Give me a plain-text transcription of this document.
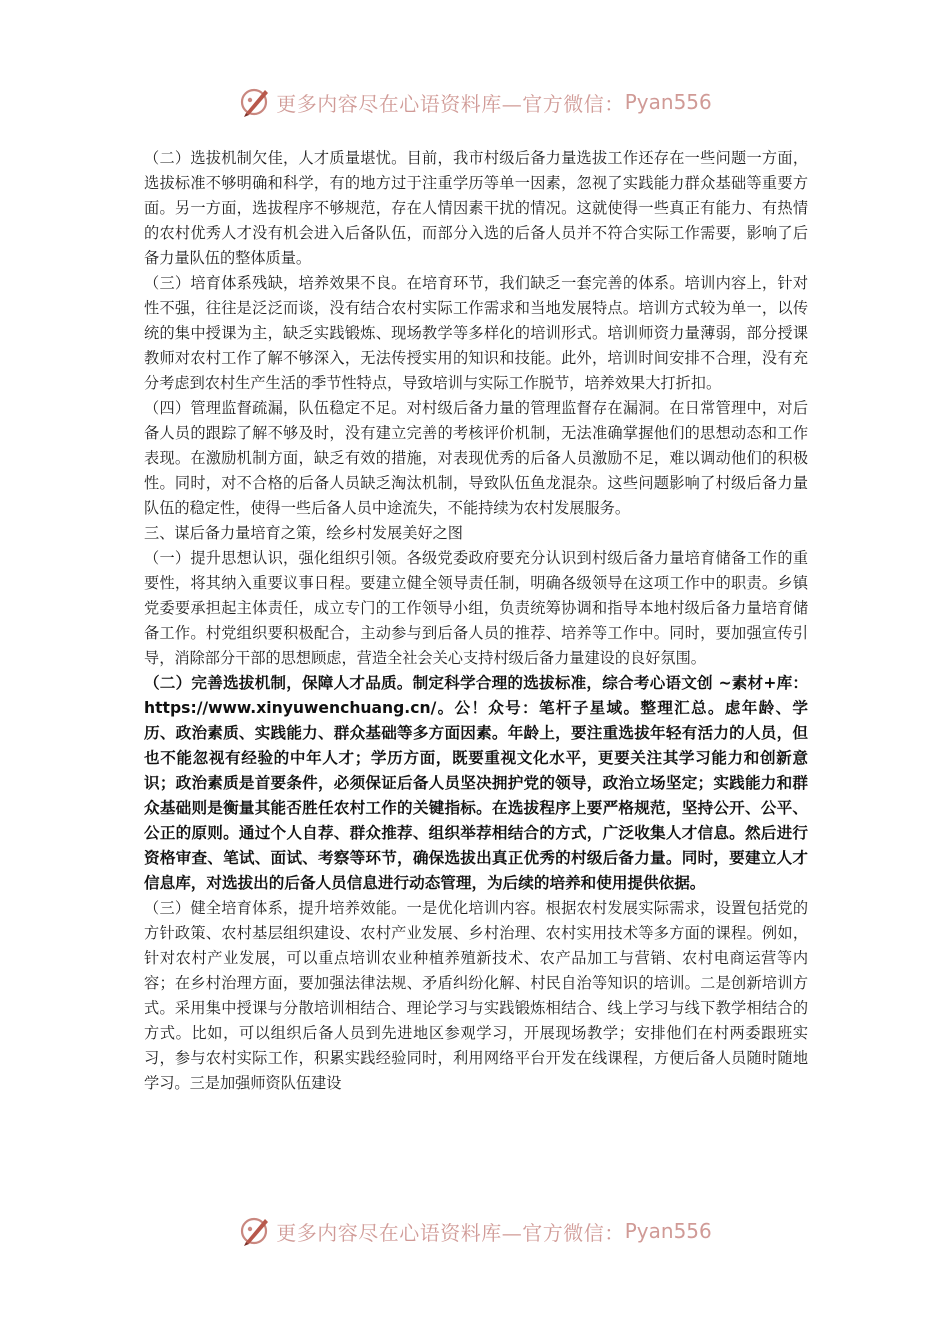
更多内容尽在心语资料库—官方微信： Pyan556

（二）选拔机制欠佳，人才质量堪忧。目前，我市村级后备力量选拔工作还存在一些问题一方面，选拔标准不够明确和科学，有的地方过于注重学历等单一因素，忽视了实践能力群众基础等重要方面。另一方面，选拔程序不够规范，存在人情因素干扰的情况。这就使得一些真正有能力、有热情的农村优秀人才没有机会进入后备队伍，而部分入选的后备人员并不符合实际工作需要，影响了后备力量队伍的整体质量。

（三）培育体系残缺，培养效果不良。在培育环节，我们缺乏一套完善的体系。培训内容上，针对性不强，往往是泛泛而谈，没有结合农村实际工作需求和当地发展特点。培训方式较为单一，以传统的集中授课为主，缺乏实践锻炼、现场教学等多样化的培训形式。培训师资力量薄弱，部分授课教师对农村工作了解不够深入，无法传授实用的知识和技能。此外，培训时间安排不合理，没有充分考虑到农村生产生活的季节性特点，导致培训与实际工作脱节，培养效果大打折扣。

（四）管理监督疏漏，队伍稳定不足。对村级后备力量的管理监督存在漏洞。在日常管理中，对后备人员的跟踪了解不够及时，没有建立完善的考核评价机制，无法准确掌握他们的思想动态和工作表现。在激励机制方面，缺乏有效的措施，对表现优秀的后备人员激励不足，难以调动他们的积极性。同时，对不合格的后备人员缺乏淘汰机制，导致队伍鱼龙混杂。这些问题影响了村级后备力量队伍的稳定性，使得一些后备人员中途流失，不能持续为农村发展服务。

三、谋后备力量培育之策，绘乡村发展美好之图

（一）提升思想认识，强化组织引领。各级党委政府要充分认识到村级后备力量培育储备工作的重要性，将其纳入重要议事日程。要建立健全领导责任制，明确各级领导在这项工作中的职责。乡镇党委要承担起主体责任，成立专门的工作领导小组，负责统筹协调和指导本地村级后备力量培育储备工作。村党组织要积极配合，主动参与到后备人员的推荐、培养等工作中。同时，要加强宣传引导，消除部分干部的思想顾虑，营造全社会关心支持村级后备力量建设的良好氛围。

（二）完善选拔机制，保障人才品质。制定科学合理的选拔标准，综合考心语文创 ~素材+库：https://www.xinyuwenchuang.cn/。公！众号：笔杆子星域。整理汇总。虑年龄、学历、政治素质、实践能力、群众基础等多方面因素。年龄上，要注重选拔年轻有活力的人员，但也不能忽视有经验的中年人才；学历方面，既要重视文化水平，更要关注其学习能力和创新意识；政治素质是首要条件，必须保证后备人员坚决拥护党的领导，政治立场坚定；实践能力和群众基础则是衡量其能否胜任农村工作的关键指标。在选拔程序上要严格规范，坚持公开、公平、公正的原则。通过个人自荐、群众推荐、组织举荐相结合的方式，广泛收集人才信息。然后进行资格审查、笔试、面试、考察等环节，确保选拔出真正优秀的村级后备力量。同时，要建立人才信息库，对选拔出的后备人员信息进行动态管理，为后续的培养和使用提供依据。

（三）健全培育体系，提升培养效能。一是优化培训内容。根据农村发展实际需求，设置包括党的方针政策、农村基层组织建设、农村产业发展、乡村治理、农村实用技术等多方面的课程。例如，针对农村产业发展，可以重点培训农业种植养殖新技术、农产品加工与营销、农村电商运营等内容；在乡村治理方面，要加强法律法规、矛盾纠纷化解、村民自治等知识的培训。二是创新培训方式。采用集中授课与分散培训相结合、理论学习与实践锻炼相结合、线上学习与线下教学相结合的方式。比如，可以组织后备人员到先进地区参观学习，开展现场教学；安排他们在村两委跟班实习，参与农村实际工作，积累实践经验同时，利用网络平台开发在线课程，方便后备人员随时随地学习。三是加强师资队伍建设

更多内容尽在心语资料库—官方微信： Pyan556
